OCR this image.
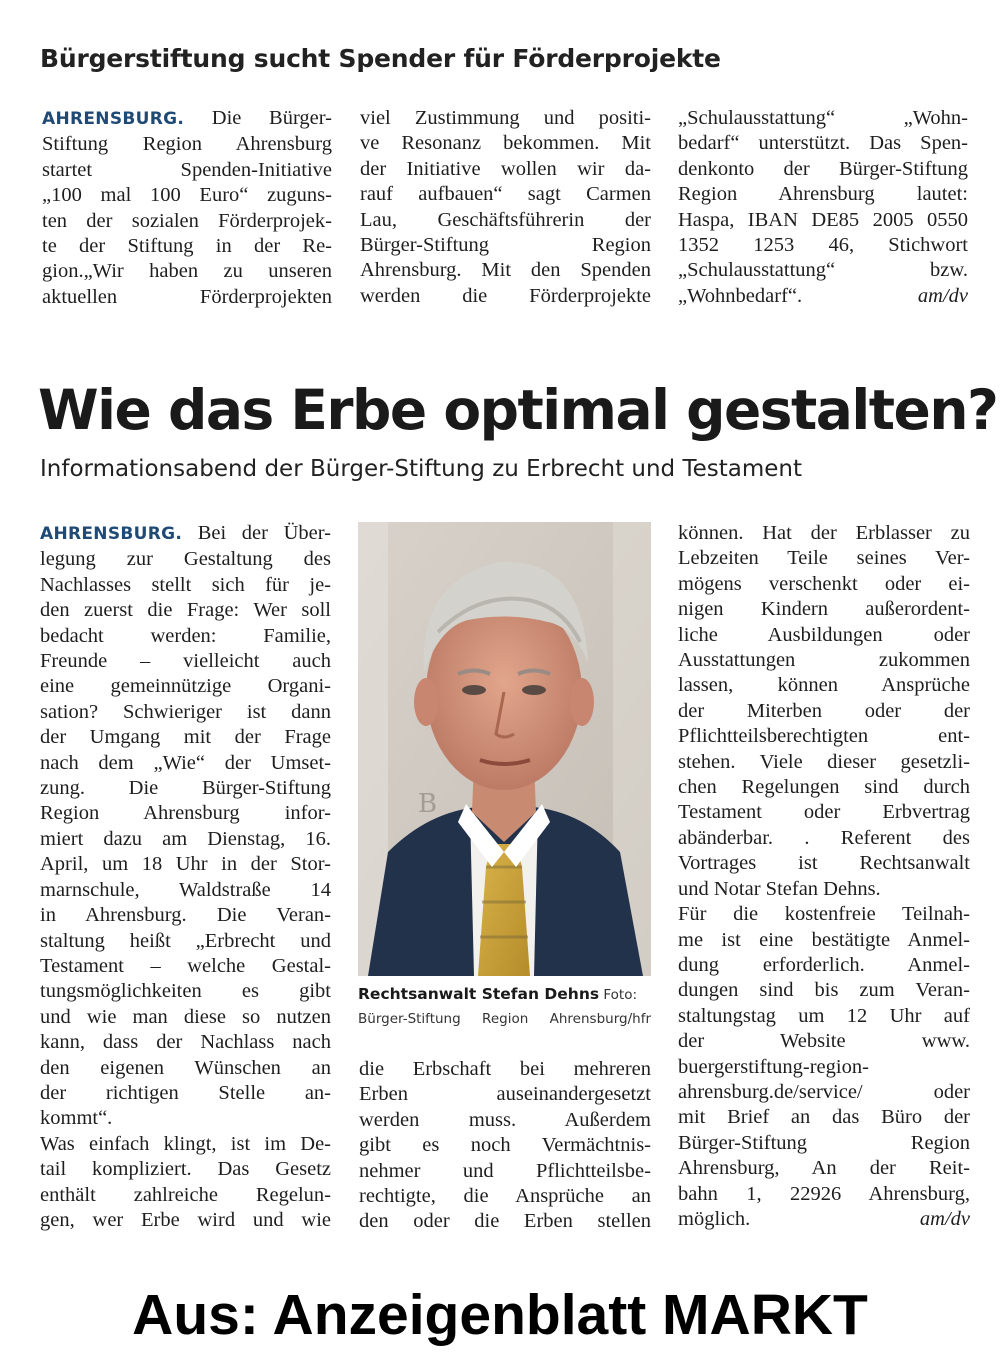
Bürgerstiftung sucht Spender für Förderprojekte

AHRENSBURG. Die Bürger-

Stiftung Region Ahrensburg

startet Spenden-Initiative

„100 mal 100 Euro“ zuguns-

ten der sozialen Förderprojek-

te der Stiftung in der Re-

gion.„Wir haben zu unseren

aktuellen Förderprojekten

viel Zustimmung und positi-

ve Resonanz bekommen. Mit

der Initiative wollen wir da-

rauf aufbauen“ sagt Carmen

Lau, Geschäftsführerin der

Bürger-Stiftung Region

Ahrensburg. Mit den Spenden

werden die Förderprojekte

„Schulausstattung“ „Wohn-

bedarf“ unterstützt. Das Spen-

denkonto der Bürger-Stiftung

Region Ahrensburg lautet:

Haspa, IBAN DE85 2005 0550

1352 1253 46, Stichwort

„Schulausstattung“ bzw.

„Wohnbedarf“. am/dv

Wie das Erbe optimal gestalten?
Informationsabend der Bürger-Stiftung zu Erbrecht und Testament

AHRENSBURG. Bei der Über-

legung zur Gestaltung des

Nachlasses stellt sich für je-

den zuerst die Frage: Wer soll

bedacht werden: Familie,

Freunde – vielleicht auch

eine gemeinnützige Organi-

sation? Schwieriger ist dann

der Umgang mit der Frage

nach dem „Wie“ der Umset-

zung. Die Bürger-Stiftung

Region Ahrensburg infor-

miert dazu am Dienstag, 16.

April, um 18 Uhr in der Stor-

marnschule, Waldstraße 14

in Ahrensburg. Die Veran-

staltung heißt „Erbrecht und

Testament – welche Gestal-

tungsmöglichkeiten es gibt

und wie man diese so nutzen

kann, dass der Nachlass nach

den eigenen Wünschen an

der richtigen Stelle an-

kommt“.

Was einfach klingt, ist im De-

tail kompliziert. Das Gesetz

enthält zahlreiche Regelun-

gen, wer Erbe wird und wie

B
Rechtsanwalt Stefan Dehns Foto:
Bürger-Stiftung Region Ahrensburg/hfr

die Erbschaft bei mehreren

Erben auseinandergesetzt

werden muss. Außerdem

gibt es noch Vermächtnis-

nehmer und Pflichtteilsbe-

rechtigte, die Ansprüche an

den oder die Erben stellen

können. Hat der Erblasser zu

Lebzeiten Teile seines Ver-

mögens verschenkt oder ei-

nigen Kindern außerordent-

liche Ausbildungen oder

Ausstattungen zukommen

lassen, können Ansprüche

der Miterben oder der

Pflichtteilsberechtigten ent-

stehen. Viele dieser gesetzli-

chen Regelungen sind durch

Testament oder Erbvertrag

abänderbar. . Referent des

Vortrages ist Rechtsanwalt

und Notar Stefan Dehns.

Für die kostenfreie Teilnah-

me ist eine bestätigte Anmel-

dung erforderlich. Anmel-

dungen sind bis zum Veran-

staltungstag um 12 Uhr auf

der Website www.

buergerstiftung-region-

ahrensburg.de/service/ oder

mit Brief an das Büro der

Bürger-Stiftung Region

Ahrensburg, An der Reit-

bahn 1, 22926 Ahrensburg,

möglich. am/dv

Aus: Anzeigenblatt MARKT
